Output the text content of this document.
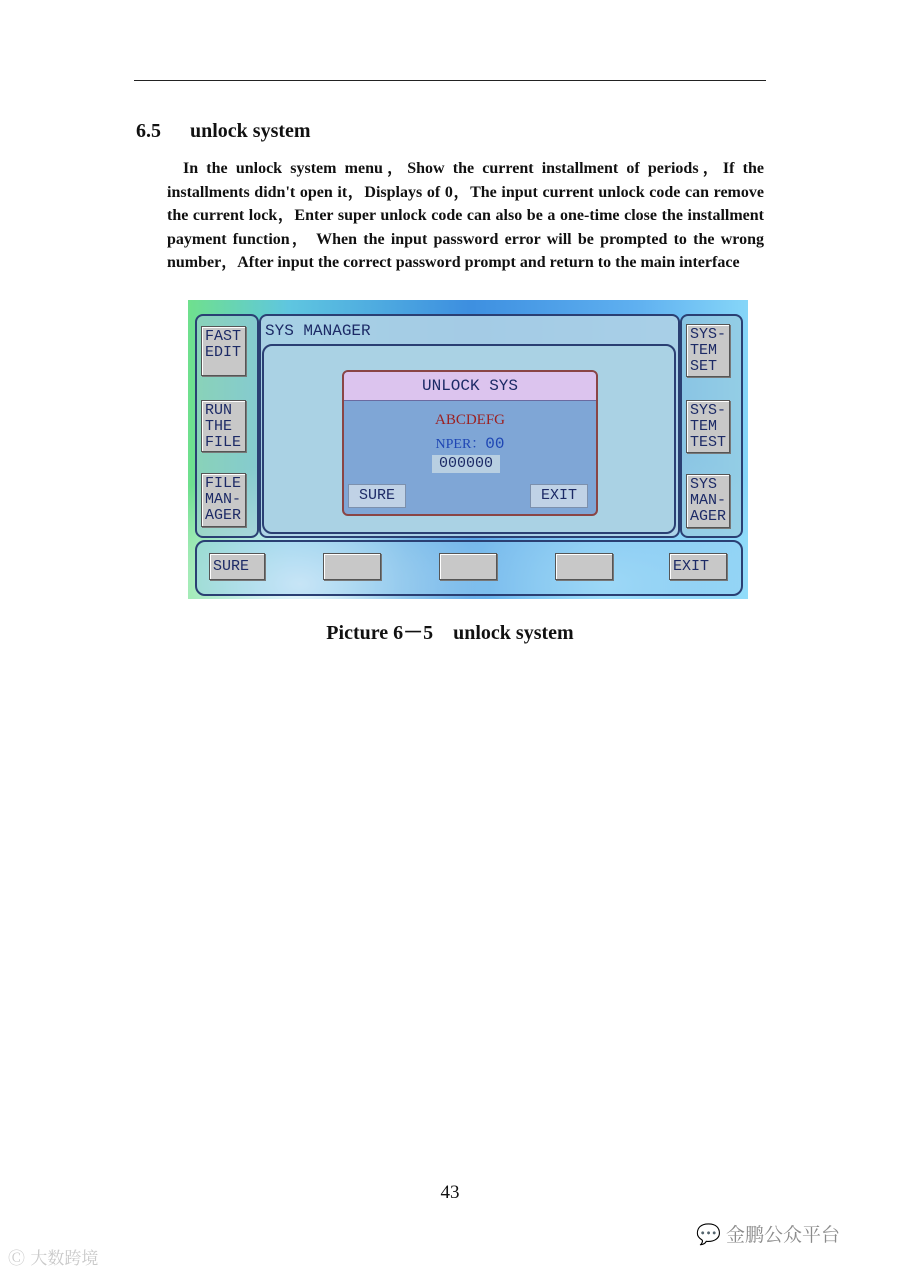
6.5 unlock system

In the unlock system menu，Show the current installment of periods，If the installments didn't open it，Displays of 0，The input current unlock code can remove the current lock，Enter super unlock code can also be a one-time close the installment payment function， When the input password error will be prompted to the wrong number，After input the correct password prompt and return to the main interface

SYS MANAGER
FAST
EDIT
RUN
THE
FILE
FILE
MAN-
AGER
SYS-
TEM
SET
SYS-
TEM
TEST
SYS
MAN-
AGER
SURE	EXIT
UNLOCK SYS
ABCDEFG
NPER：00
000000
SURE	EXIT
Picture 6－5　unlock system
43
💬 金鹏公众平台
Ⓒ 大数跨境
